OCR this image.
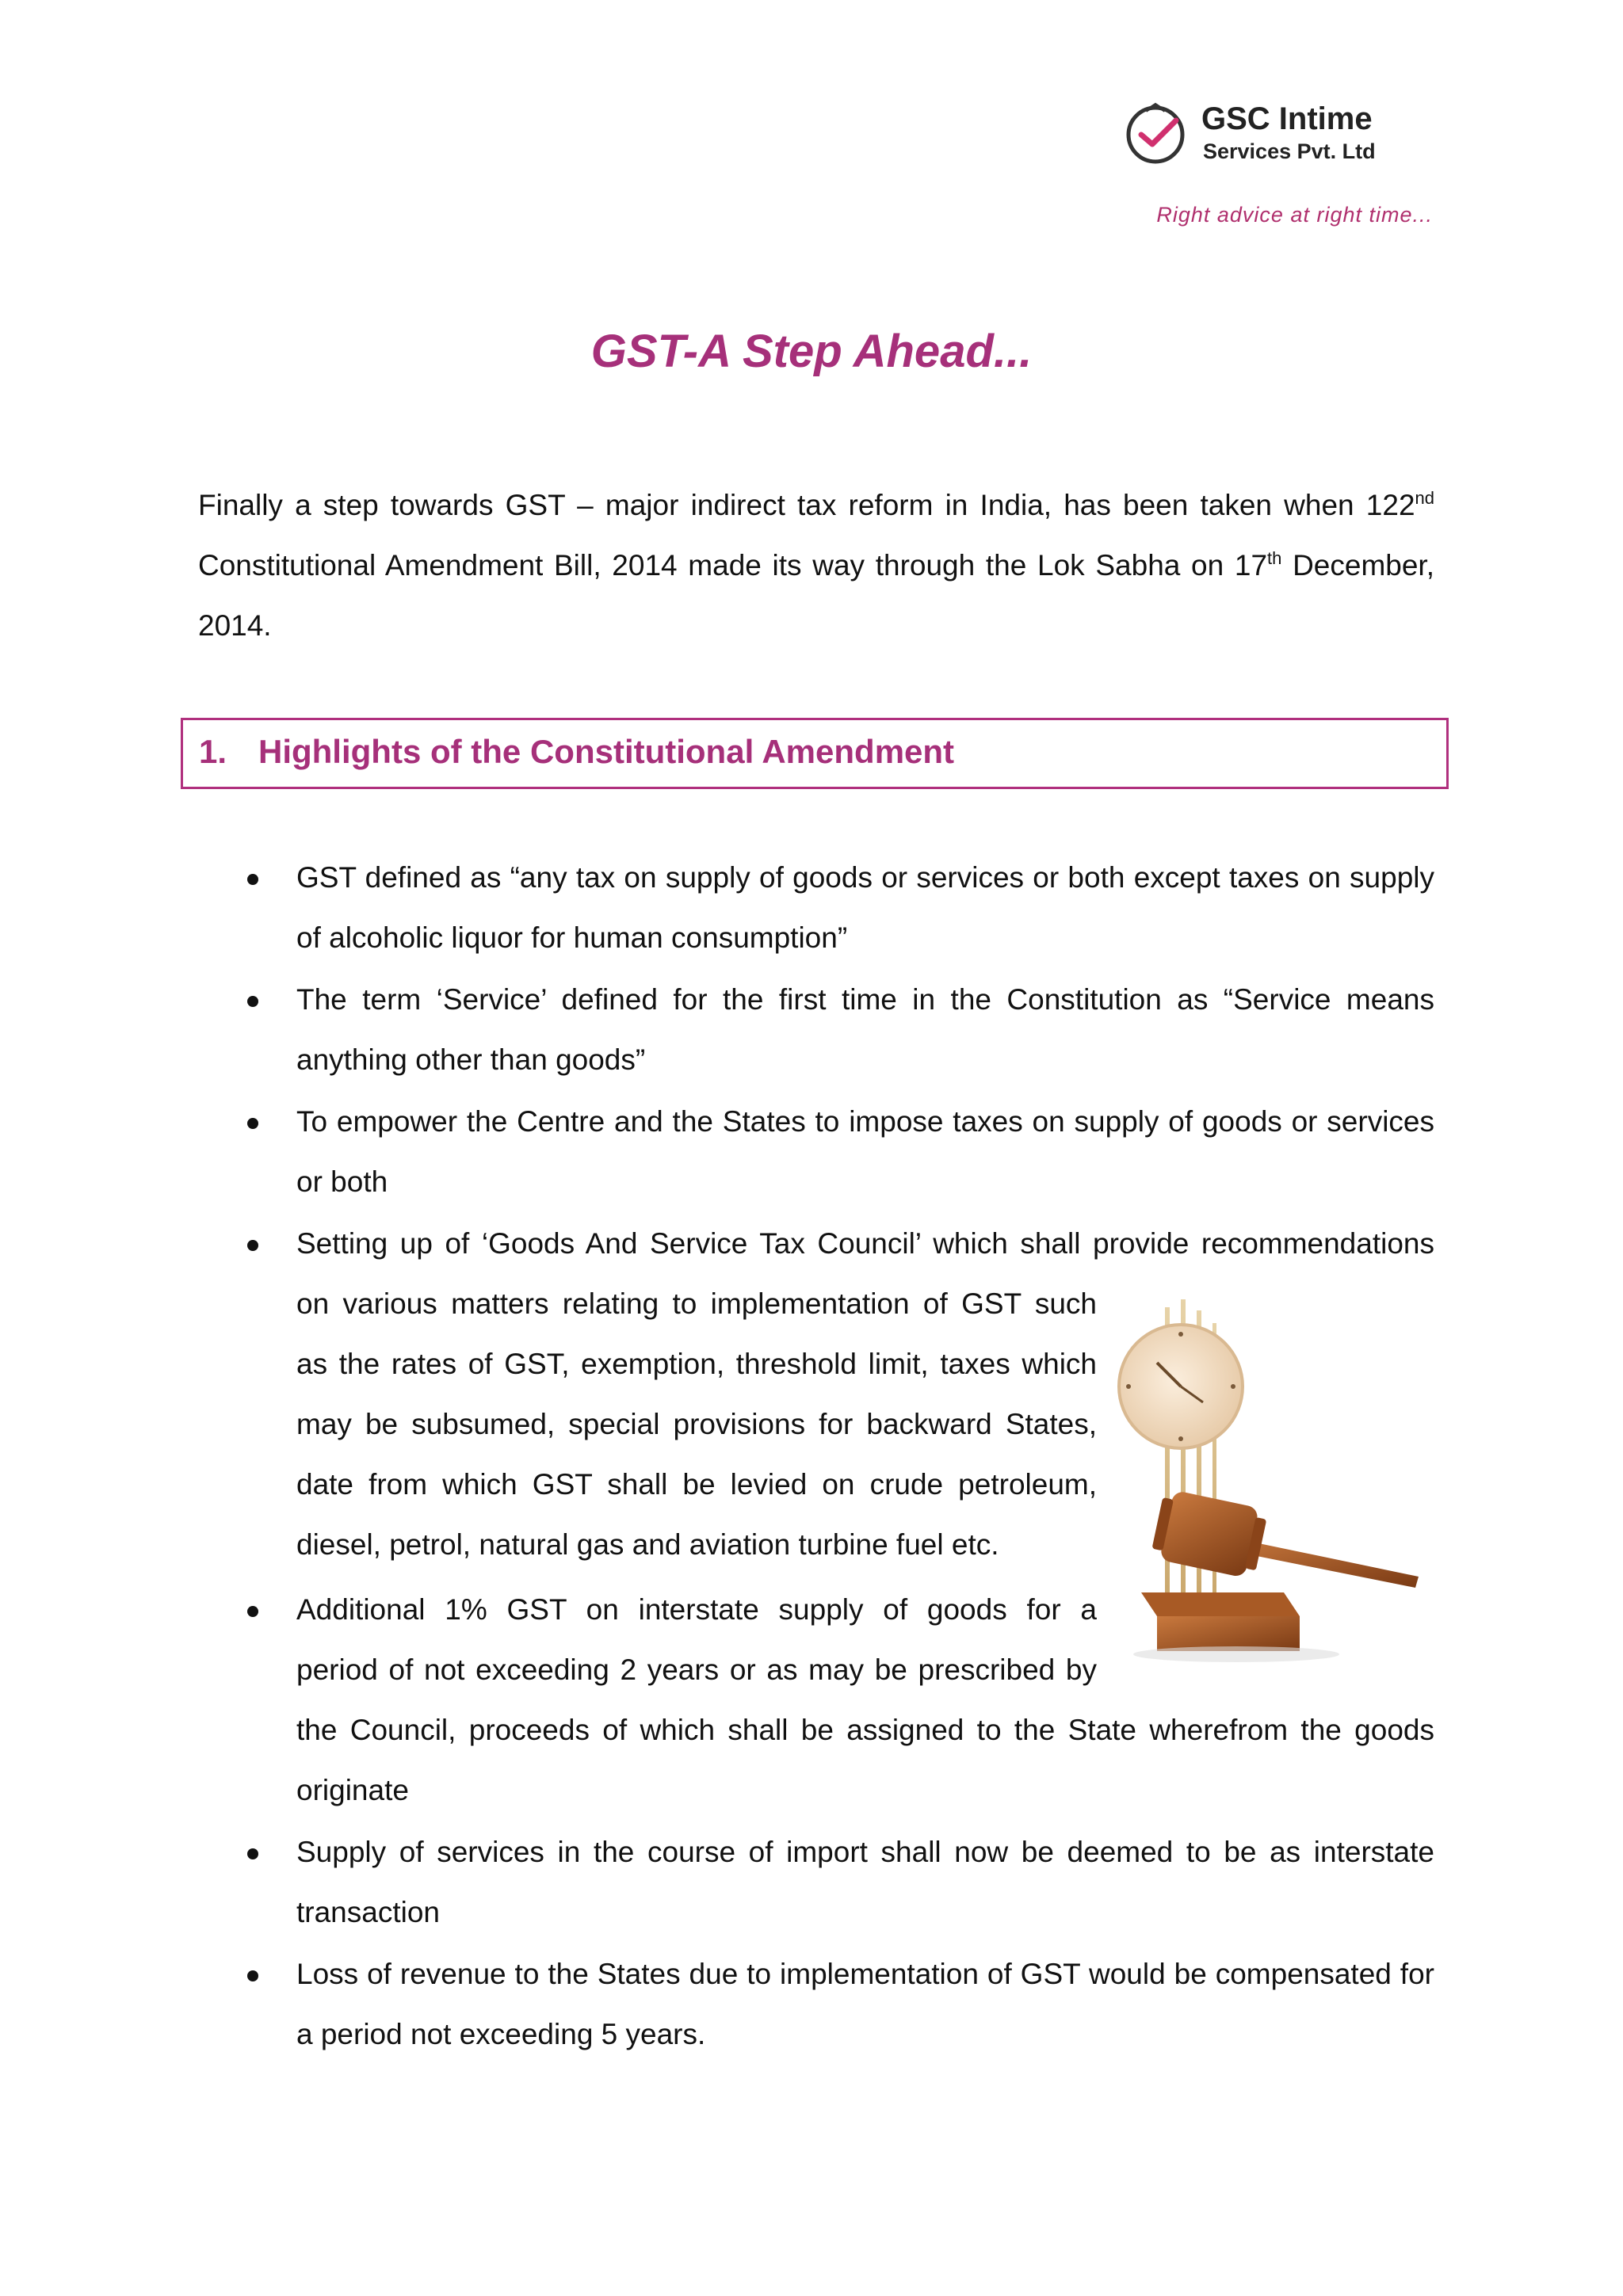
GSC Intime
Services Pvt. Ltd
Right advice at right time...
GST-A Step Ahead...
Finally a step towards GST – major indirect tax reform in India, has been taken when 122nd Constitutional Amendment Bill, 2014 made its way through the Lok Sabha on 17th December, 2014.
1. Highlights of the Constitutional Amendment
GST defined as “any tax on supply of goods or services or both except taxes on supply of alcoholic liquor for human consumption”
The term ‘Service’ defined for the first time in the Constitution as “Service means anything other than goods”
To empower the Centre and the States to impose taxes on supply of goods or services or both
Setting up of ‘Goods And Service Tax Council’ which shall provide recommendations
on various matters relating to implementation of GST such
as the rates of GST, exemption, threshold limit, taxes which
may be subsumed, special provisions for backward States,
date from which GST shall be levied on crude petroleum,
diesel, petrol, natural gas and aviation turbine fuel etc.
Additional 1% GST on interstate supply of goods for a
period of not exceeding 2 years or as may be prescribed by
the Council, proceeds of which shall be assigned to the State wherefrom the goods originate
Supply of services in the course of import shall now be deemed to be as interstate transaction
Loss of revenue to the States due to implementation of GST would be compensated for a period not exceeding 5 years.
